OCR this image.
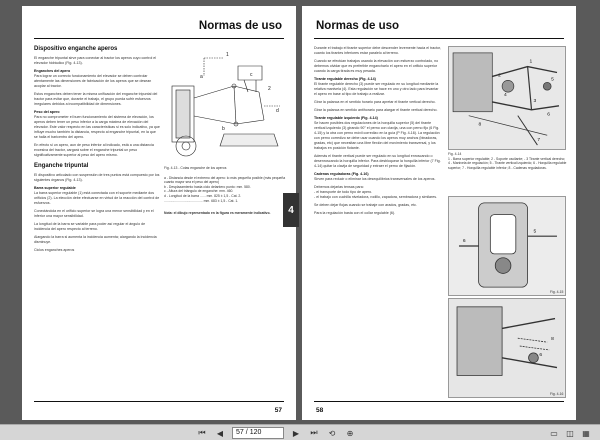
Normas de uso
Dispositivo enganche aperos
El enganche tripuntal sirve para conectar al tractor los aperos cuyo control el elevador hidráulico (Fig. 4-13).
Enganches del apero
Para lograr un correcto funcionamiento del elevador se deben controlar atentamente las dimensiones de fabricación de los aperos que se desean acoplar al tractor.
Estos enganches deben tener la misma unificación del enganche tripuntal del tractor para evitar que, durante el trabajo, el grupo pueda sufrir esfuerzos irregulares debidos a incompatibilidad de dimensiones.
Peso del apero
Para no comprometer el buen funcionamiento del sistema de elevación, los aperos deben tener un peso inferior a la carga máxima de elevación del elevador. Este valor respecto en las características si es solo indicativo, ya que influye mucho también la distancia, respecto al enganche tripuntal, en la que se halla el baricentro del apero.
En efecto si un apero, aun de peso inferior al indicado, está a una distancia excesiva del tractor, cargará sobre el enganche tripuntal un peso significativamente superior al peso del apero mismo.
Enganche tripuntal
El dispositivo articulado con suspensión de tres puntos está compuesto por los siguientes órganos (Fig. 4-13).
Barra superior regulable
La barra superior regulable (1) está conectada con el soporte mediante dos orificios (2). La elección debe efectuarse en virtud de la reacción del control de esfuerzos.
Conectándola en el orificio superior se logra una menor sensibilidad y en el inferior una mayor sensibilidad.
La longitud de la barra se variable para poder así regular el ángulo de incidencia del apero respecto al terreno.
Alargando la barra si aumenta la incidencia aumenta; alargando la incidencia disminuye.
Ciclos enganches aperos
1
2
d
a
b
c
Fig. 4-13 - Cotas enganche de los aperos
a - Distancia desde el extremo del apero: lo más pequeña posible (más pequeña cuanto mayor sea el peso del apero)
b - Desplazamiento hasta ciclo delantero punto: mm. 580.
c - Altura del triángulo de enganche: mm. 460.
d - Longitud de la barra ...... mm. 825 ± 1,5 - Cat. 2.
......................................... mm. 683 ± 1,5 - Cat. 1.
Nota: el dibujo representado en la figura es meramente indicativo.
57
4
Normas de uso
Durante el trabajo el tirante superior debe descender levemente hacia el tractor, cuanto los tirantes inferiores estar paralelo al terreno.
Cuando se efectúan trabajos usando la elevación con esfuerzo controlado, no debemos olvidar que es preferible engancharlo el apero en el orificio superior cuando la carga tirada es muy pesada.
Tirante regulable derecho (Fig. 4-14)
El tirante regulable derecho (3) puede ser regulado en su longitud mediante la relativa manivela (4). Esta regulación se hace en uno y otro lado para levantar el apero en base al tipo de trabajo a realizar.
Girar la palanca en el sentido horario para apretar el tirante vertical derecho.
Girar la palanca en sentido antihorario para alargar el tirante vertical derecho.
Tirante regulable izquierdo (Fig. 4-14)
Se hacen posibles dos regulaciones de la horquilla superior (5) del tirante vertical izquierdo (3) girando 90° el perno con clavija, una con perno fijo (6 Fig. 4-15) y la otra con perno móvil corredizo en la guía (P Fig. 4-16). La regulación con perno corredizo se debe usar cuando los aperos muy anchos (binadoras, gradas, etc) que necesitan una libre flexión del movimiento transversal, y los trabajos en posición flotante.
Además el tirante vertical puede ser regulado en su longitud enroscando o desenroscando la horquilla inferior. Para desbloquear la horquilla inferior (7 Fig. 4-14) quitar la clavija de seguridad y extraer el perno de fijación.
Cadenas reguladoras (Fig. 4-16)
Sirven para reducir o eliminar los desequilibrios transversales de los aperos.
Debemos dejarlas tensas para:
- el transporte de todo tipo de apero.
- el trabajo con cuchilla niveladora, rodillo, zapadora, sembradora y similares.
Se deben dejar flojas cuando se trabaje con arados, gradas, etc.
Para la regulación basta con el collar regulable (6).
1
2
3
4
5
6
7
8
Fig. 4-14
1 - Barra superior regulable; 2 - Soporte oscilante; - 3 Tirante vertical derecho; 4 - Manivela de regulación; 5 - Tirante vertical izquierdo; 6 - Horquilla regulable superior; 7 - Horquilla regulable inferior; 8 - Cadenas reguladoras.
5
6
Fig. 4-15
8
6
Fig. 4-16
58
⏮ ◀ 57 / 120	▶ ⏭ ⟲ ⊕	▭ ◫ ▦
